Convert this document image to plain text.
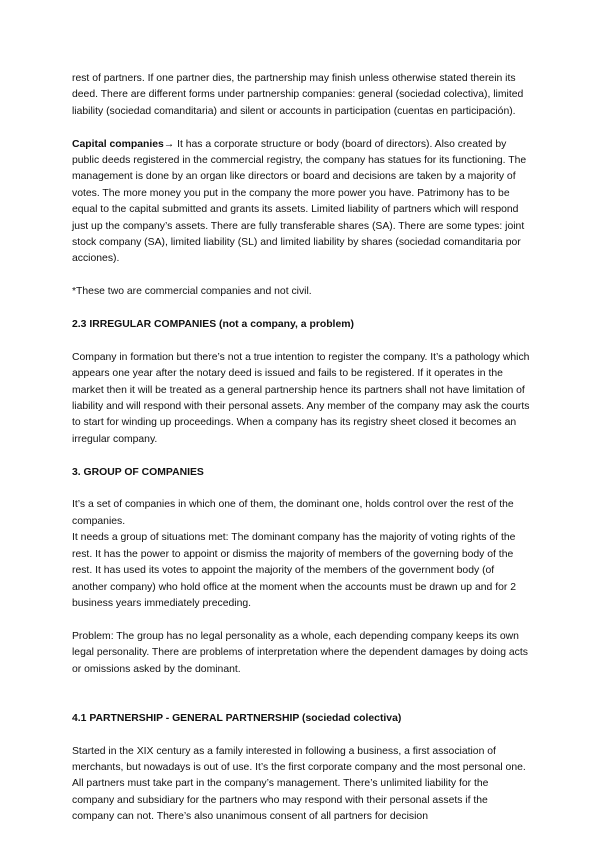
rest of partners. If one partner dies, the partnership may finish unless otherwise stated therein its deed. There are different forms under partnership companies: general (sociedad colectiva), limited liability (sociedad comanditaria) and silent or accounts in participation (cuentas en participación).

Capital companies→ It has a corporate structure or body (board of directors). Also created by public deeds registered in the commercial registry, the company has statues for its functioning. The management is done by an organ like directors or board and decisions are taken by a majority of votes. The more money you put in the company the more power you have. Patrimony has to be equal to the capital submitted and grants its assets. Limited liability of partners which will respond just up the company’s assets. There are fully transferable shares (SA). There are some types: joint stock company (SA), limited liability (SL) and limited liability by shares (sociedad comanditaria por acciones).

*These two are commercial companies and not civil.

2.3 IRREGULAR COMPANIES (not a company, a problem)

Company in formation but there’s not a true intention to register the company. It’s a pathology which appears one year after the notary deed is issued and fails to be registered. If it operates in the market then it will be treated as a general partnership hence its partners shall not have limitation of liability and will respond with their personal assets. Any member of the company may ask the courts to start for winding up proceedings. When a company has its registry sheet closed it becomes an irregular company.

3. GROUP OF COMPANIES

It’s a set of companies in which one of them, the dominant one, holds control over the rest of the companies.

It needs a group of situations met: The dominant company has the majority of voting rights of the rest. It has the power to appoint or dismiss the majority of members of the governing body of the rest. It has used its votes to appoint the majority of the members of the government body (of another company) who hold office at the moment when the accounts must be drawn up and for 2 business years immediately preceding.

Problem: The group has no legal personality as a whole, each depending company keeps its own legal personality. There are problems of interpretation where the dependent damages by doing acts or omissions asked by the dominant.

4.1 PARTNERSHIP - GENERAL PARTNERSHIP (sociedad colectiva)

Started in the XIX century as a family interested in following a business, a first association of merchants, but nowadays is out of use. It’s the first corporate company and the most personal one. All partners must take part in the company’s management. There’s unlimited liability for the company and subsidiary for the partners who may respond with their personal assets if the company can not. There’s also unanimous consent of all partners for decision
